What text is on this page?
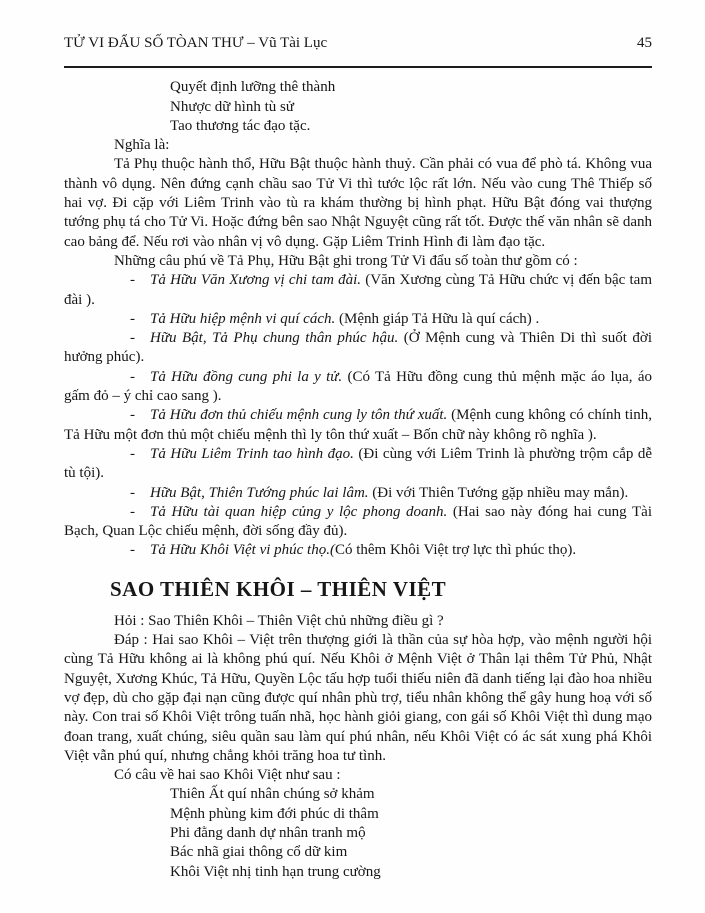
TỬ VI ĐẨU SỐ TÒAN THƯ – Vũ Tài Lục	45
Quyết định lưỡng thê thành
Nhược dữ hình tù sử
Tao thương tác đạo tặc.

Nghĩa là:

Tả Phụ thuộc hành thổ, Hữu Bật thuộc hành thuỷ. Cần phải có vua để phò tá. Không vua thành vô dụng. Nên đứng cạnh chầu sao Tử Vi thì tước lộc rất lớn. Nếu vào cung Thê Thiếp số hai vợ. Đi cặp với Liêm Trinh vào tù ra khám thường bị hình phạt. Hữu Bật đóng vai thượng tướng phụ tá cho Tử Vi. Hoặc đứng bên sao Nhật Nguyệt cũng rất tốt. Được thế văn nhân sẽ danh cao bảng để. Nếu rơi vào nhân vị vô dụng. Gặp Liêm Trinh Hình đi làm đạo tặc.

Những câu phú về Tả Phụ, Hữu Bật ghi trong Tử Vi đẩu số toàn thư gồm có :

- Tả Hữu Văn Xương vị chi tam đài. (Văn Xương cùng Tả Hữu chức vị đến bậc tam đài ).

- Tả Hữu hiệp mệnh vi quí cách. (Mệnh giáp Tả Hữu là quí cách) .

- Hữu Bật, Tả Phụ chung thân phúc hậu. (Ở Mệnh cung và Thiên Di thì suốt đời hưởng phúc).

- Tả Hữu đồng cung phi la y tử. (Có Tả Hữu đồng cung thủ mệnh mặc áo lụa, áo gấm đỏ – ý chỉ cao sang ).

- Tả Hữu đơn thủ chiếu mệnh cung ly tôn thứ xuất. (Mệnh cung không có chính tinh, Tả Hữu một đơn thủ một chiếu mệnh thì ly tôn thứ xuất – Bốn chữ này không rõ nghĩa ).

- Tả Hữu Liêm Trinh tao hình đạo. (Đi cùng với Liêm Trinh là phường trộm cắp dễ tù tội).

- Hữu Bật, Thiên Tướng phúc lai lâm. (Đi với Thiên Tướng gặp nhiều may mắn).

- Tả Hữu tài quan hiệp củng y lộc phong doanh. (Hai sao này đóng hai cung Tài Bạch, Quan Lộc chiếu mệnh, đời sống đầy đủ).

- Tả Hữu Khôi Việt vi phúc thọ.(Có thêm Khôi Việt trợ lực thì phúc thọ).

SAO THIÊN KHÔI – THIÊN VIỆT

Hỏi : Sao Thiên Khôi – Thiên Việt chủ những điều gì ?

Đáp : Hai sao Khôi – Việt trên thượng giới là thần của sự hòa hợp, vào mệnh người hội cùng Tả Hữu không ai là không phú quí. Nếu Khôi ở Mệnh Việt ở Thân lại thêm Tử Phủ, Nhật Nguyệt, Xương Khúc, Tả Hữu, Quyền Lộc tấu hợp tuổi thiếu niên đã danh tiếng lại đào hoa nhiều vợ đẹp, dù cho gặp đại nạn cũng được quí nhân phù trợ, tiểu nhân không thể gây hung hoạ với số này. Con trai số Khôi Việt trông tuấn nhã, học hành giỏi giang, con gái số Khôi Việt thì dung mạo đoan trang, xuất chúng, siêu quần sau làm quí phú nhân, nếu Khôi Việt có ác sát xung phá Khôi Việt vẫn phú quí, nhưng chẳng khỏi trăng hoa tư tình.

Có câu về hai sao Khôi Việt như sau :

Thiên Ất quí nhân chúng sở khảm
Mệnh phùng kim đới phúc di thâm
Phi đằng danh dự nhân tranh mộ
Bác nhã giai thông cổ dữ kim
Khôi Việt nhị tinh hạn trung cường
